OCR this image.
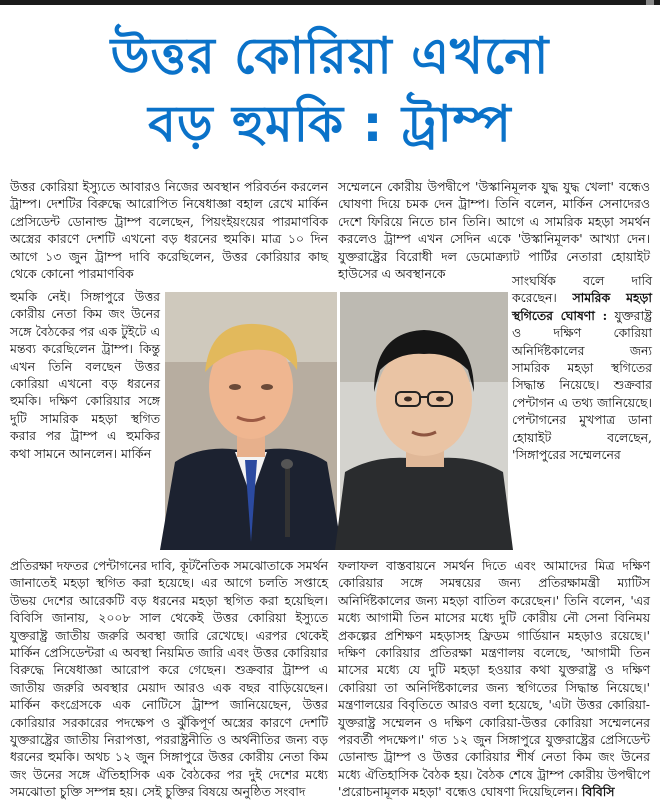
উত্তর কোরিয়া এখনো
বড় হুমকি : ট্রাম্প
উত্তর কোরিয়া ইস্যুতে আবারও নিজের অবস্থান পরিবর্তন করলেন ট্রাম্প। দেশটির বিরুদ্ধে আরোপিত নিষেধাজ্ঞা বহাল রেখে মার্কিন প্রেসিডেন্ট ডোনাল্ড ট্রাম্প বলেছেন, পিয়ংইয়ংয়ের পারমাণবিক অস্ত্রের কারণে দেশটি এখনো বড় ধরনের হুমকি। মাত্র ১০ দিন আগে ১৩ জুন ট্রাম্প দাবি করেছিলেন, উত্তর কোরিয়ার কাছ থেকে কোনো পারমাণবিক
হুমকি নেই। সিঙ্গাপুরে উত্তর কোরীয় নেতা কিম জং উনের সঙ্গে বৈঠকের পর এক টুইটে এ মন্তব্য করেছিলেন ট্রাম্প। কিন্তু এখন তিনি বলছেন উত্তর কোরিয়া এখনো বড় ধরনের হুমকি। দক্ষিণ কোরিয়ার সঙ্গে দুটি সামরিক মহড়া স্থগিত করার পর ট্রাম্প এ হুমকির কথা সামনে আনলেন। মার্কিন
সম্মেলনে কোরীয় উপদ্বীপে 'উস্কানিমূলক যুদ্ধ যুদ্ধ খেলা' বন্ধেও ঘোষণা দিয়ে চমক দেন ট্রাম্প। তিনি বলেন, মার্কিন সেনাদেরও দেশে ফিরিয়ে নিতে চান তিনি। আগে এ সামরিক মহড়া সমর্থন করলেও ট্রাম্প এখন সেদিন একে 'উস্কানিমূলক' আখ্যা দেন। যুক্তরাষ্ট্রের বিরোধী দল ডেমোক্র্যাট পার্টির নেতারা হোয়াইট হাউসের এ অবস্থানকে	সাংঘর্ষিক বলে দাবি করেছেন। সামরিক মহড়া স্থগিতের ঘোষণা : যুক্তরাষ্ট্র ও দক্ষিণ কোরিয়া অনির্দিষ্টকালের জন্য সামরিক মহড়া স্থগিতের সিদ্ধান্ত নিয়েছে। শুক্রবার পেন্টাগন এ তথ্য জানিয়েছে। পেন্টাগনের মুখপাত্র ডানা হোয়াইট বলেছেন, 'সিঙ্গাপুরের সম্মেলনের
প্রতিরক্ষা দফতর পেন্টাগনের দাবি, কূটনৈতিক সমঝোতাকে সমর্থন জানাতেই মহড়া স্থগিত করা হয়েছে। এর আগে চলতি সপ্তাহে উভয় দেশের আরেকটি বড় ধরনের মহড়া স্থগিত করা হয়েছিল। বিবিসি জানায়, ২০০৮ সাল থেকেই উত্তর কোরিয়া ইস্যুতে যুক্তরাষ্ট্র জাতীয় জরুরি অবস্থা জারি রেখেছে। এরপর থেকেই মার্কিন প্রেসিডেন্টরা এ অবস্থা নিয়মিত জারি এবং উত্তর কোরিয়ার বিরুদ্ধে নিষেধাজ্ঞা আরোপ করে গেছেন। শুক্রবার ট্রাম্প এ জাতীয় জরুরি অবস্থার মেয়াদ আরও এক বছর বাড়িয়েছেন। মার্কিন কংগ্রেসকে এক নোটিসে ট্রাম্প জানিয়েছেন, উত্তর কোরিয়ার সরকারের পদক্ষেপ ও ঝুঁকিপূর্ণ অস্ত্রের কারণে দেশটি যুক্তরাষ্ট্রের জাতীয় নিরাপত্তা, পররাষ্ট্রনীতি ও অর্থনীতির জন্য বড় ধরনের হুমকি। অথচ ১২ জুন সিঙ্গাপুরে উত্তর কোরীয় নেতা কিম জং উনের সঙ্গে ঐতিহাসিক এক বৈঠকের পর দুই দেশের মধ্যে সমঝোতা চুক্তি সম্পন্ন হয়। সেই চুক্তির বিষয়ে অনুষ্ঠিত সংবাদ
ফলাফল বাস্তবায়নে সমর্থন দিতে এবং আমাদের মিত্র দক্ষিণ কোরিয়ার সঙ্গে সমন্বয়ের জন্য প্রতিরক্ষামন্ত্রী ম্যাটিস অনির্দিষ্টকালের জন্য মহড়া বাতিল করেছেন।' তিনি বলেন, 'এর মধ্যে আগামী তিন মাসের মধ্যে দুটি কোরীয় নৌ সেনা বিনিময় প্রকল্পের প্রশিক্ষণ মহড়াসহ ফ্রিডম গার্ডিয়ান মহড়াও রয়েছে।' দক্ষিণ কোরিয়ার প্রতিরক্ষা মন্ত্রণালয় বলেছে, 'আগামী তিন মাসের মধ্যে যে দুটি মহড়া হওয়ার কথা যুক্তরাষ্ট্র ও দক্ষিণ কোরিয়া তা অনির্দিষ্টকালের জন্য স্থগিতের সিদ্ধান্ত নিয়েছে।' মন্ত্রণালয়ের বিবৃতিতে আরও বলা হয়েছে, 'এটা উত্তর কোরিয়া-যুক্তরাষ্ট্র সম্মেলন ও দক্ষিণ কোরিয়া-উত্তর কোরিয়া সম্মেলনের পরবর্তী পদক্ষেপ।' গত ১২ জুন সিঙ্গাপুরে যুক্তরাষ্ট্রের প্রেসিডেন্ট ডোনাল্ড ট্রাম্প ও উত্তর কোরিয়ার শীর্ষ নেতা কিম জং উনের মধ্যে ঐতিহাসিক বৈঠক হয়। বৈঠক শেষে ট্রাম্প কোরীয় উপদ্বীপে 'প্ররোচনামূলক মহড়া' বন্ধেও ঘোষণা দিয়েছিলেন। বিবিসি
